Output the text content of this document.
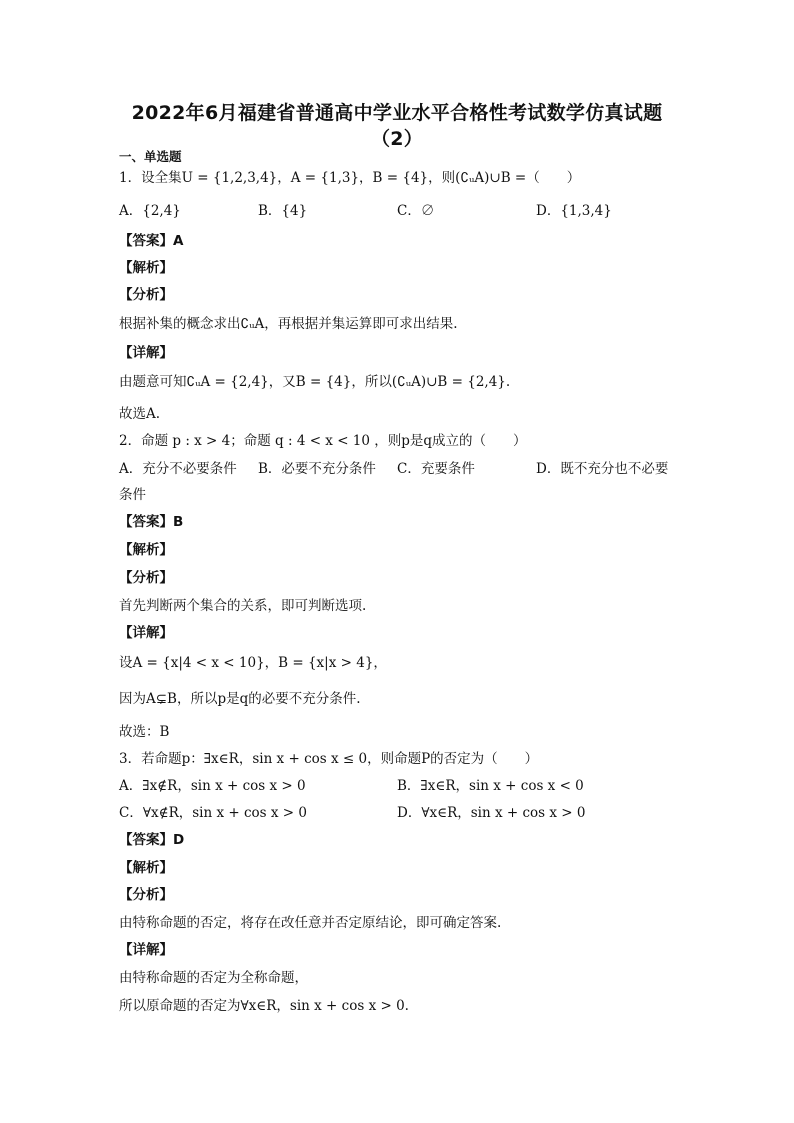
2022年6月福建省普通高中学业水平合格性考试数学仿真试题
（2）
一、单选题
1．设全集U = {1,2,3,4}，A = {1,3}，B = {4}，则(∁ᵤA)∪B =（　　）
A．{2,4}	B．{4}	C．∅	D．{1,3,4}
【答案】A
【解析】
【分析】
根据补集的概念求出∁ᵤA，再根据并集运算即可求出结果.
【详解】
由题意可知∁ᵤA = {2,4}，又B = {4}，所以(∁ᵤA)∪B = {2,4}.
故选A.
2．命题 p : x > 4；命题 q : 4 < x < 10 ，则p是q成立的（　　）
A．充分不必要条件 B．必要不充分条件 C．充要条件	D．既不充分也不必要
条件
【答案】B
【解析】
【分析】
首先判断两个集合的关系，即可判断选项.
【详解】
设A = {x|4 < x < 10}，B = {x|x > 4}，
因为A⊊B，所以p是q的必要不充分条件.
故选：B
3．若命题p：∃x∈R，sin x + cos x ≤ 0，则命题P的否定为（　　）
A．∃x∉R，sin x + cos x > 0	B．∃x∈R，sin x + cos x < 0
C．∀x∉R，sin x + cos x > 0	D．∀x∈R，sin x + cos x > 0
【答案】D
【解析】
【分析】
由特称命题的否定，将存在改任意并否定原结论，即可确定答案.
【详解】
由特称命题的否定为全称命题，
所以原命题的否定为∀x∈R，sin x + cos x > 0.
